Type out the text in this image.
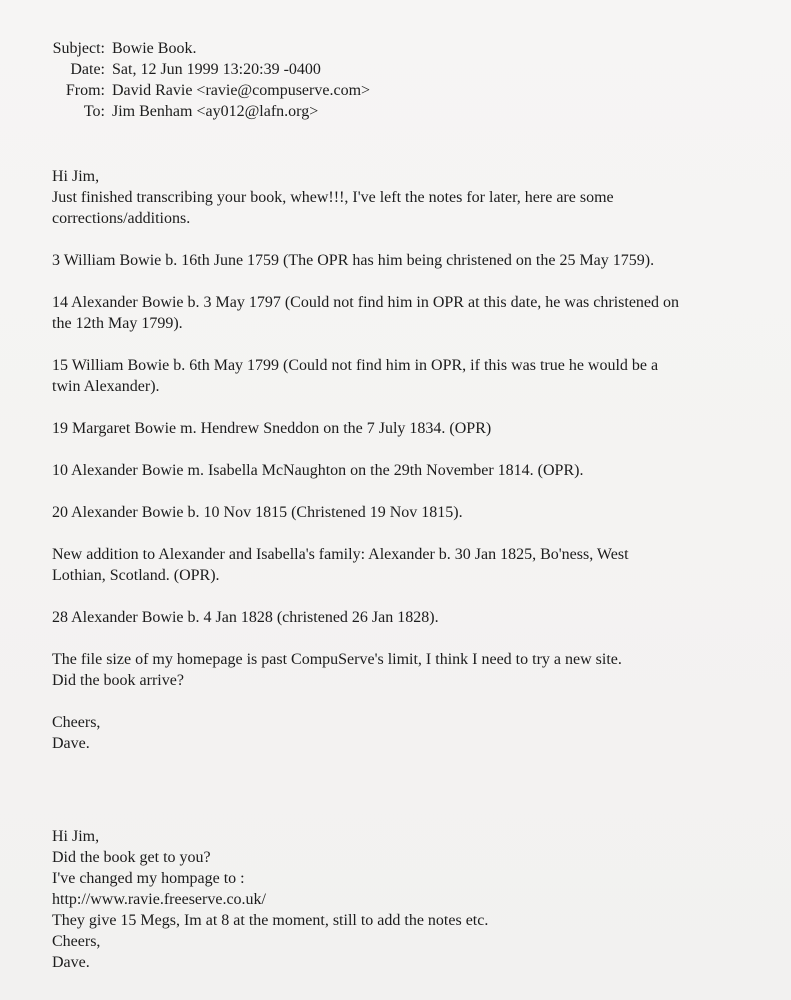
Subject: Bowie Book.
Date: Sat, 12 Jun 1999 13:20:39 -0400
From: David Ravie <ravie@compuserve.com>
To: Jim Benham <ay012@lafn.org>
Hi Jim,
Just finished transcribing your book, whew!!!, I've left the notes for later, here are some
corrections/additions.
3 William Bowie b. 16th June 1759 (The OPR has him being christened on the 25 May 1759).
14 Alexander Bowie b. 3 May 1797 (Could not find him in OPR at this date, he was christened on
the 12th May 1799).
15 William Bowie b. 6th May 1799 (Could not find him in OPR, if this was true he would be a
twin Alexander).
19 Margaret Bowie m. Hendrew Sneddon on the 7 July 1834. (OPR)
10 Alexander Bowie m. Isabella McNaughton on the 29th November 1814. (OPR).
20 Alexander Bowie b. 10 Nov 1815 (Christened 19 Nov 1815).
New addition to Alexander and Isabella's family: Alexander b. 30 Jan 1825, Bo'ness, West
Lothian, Scotland. (OPR).
28 Alexander Bowie b. 4 Jan 1828 (christened 26 Jan 1828).
The file size of my homepage is past CompuServe's limit, I think I need to try a new site.
Did the book arrive?
Cheers,
Dave.
Hi Jim,
Did the book get to you?
I've changed my hompage to :
http://www.ravie.freeserve.co.uk/
They give 15 Megs, Im at 8 at the moment, still to add the notes etc.
Cheers,
Dave.
